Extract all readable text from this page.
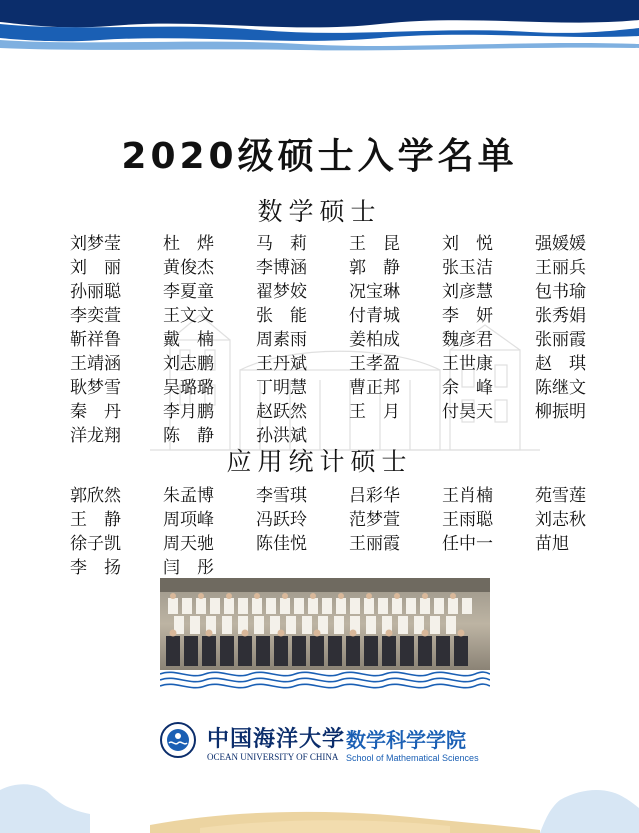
2020级硕士入学名单
数学硕士
刘梦莹	杜　烨	马　莉	王　昆	刘　悦	强媛媛
刘　丽	黄俊杰	李博涵	郭　静	张玉洁	王丽兵
孙丽聪	李夏童	翟梦姣	况宝琳	刘彦慧	包书瑜
李奕萱	王文文	张　能	付青城	李　妍	张秀娟
靳祥鲁	戴　楠	周素雨	姜柏成	魏彦君	张丽霞
王靖涵	刘志鹏	王丹斌	王孝盈	王世康	赵　琪
耿梦雪	吴璐璐	丁明慧	曹正邦	余　峰	陈继文
秦　丹	李月鹏	赵跃然	王　月	付昊天	柳振明
洋龙翔	陈　静	孙洪斌
应用统计硕士
郭欣然	朱孟博	李雪琪	吕彩华	王肖楠	苑雪莲
王　静	周项峰	冯跃玲	范梦萱	王雨聪	刘志秋
徐子凯	周天驰	陈佳悦	王丽霞	任中一	苗旭
李　扬	闫　彤
中国海洋大学
OCEAN UNIVERSITY OF CHINA
数学科学学院
School of Mathematical Sciences
